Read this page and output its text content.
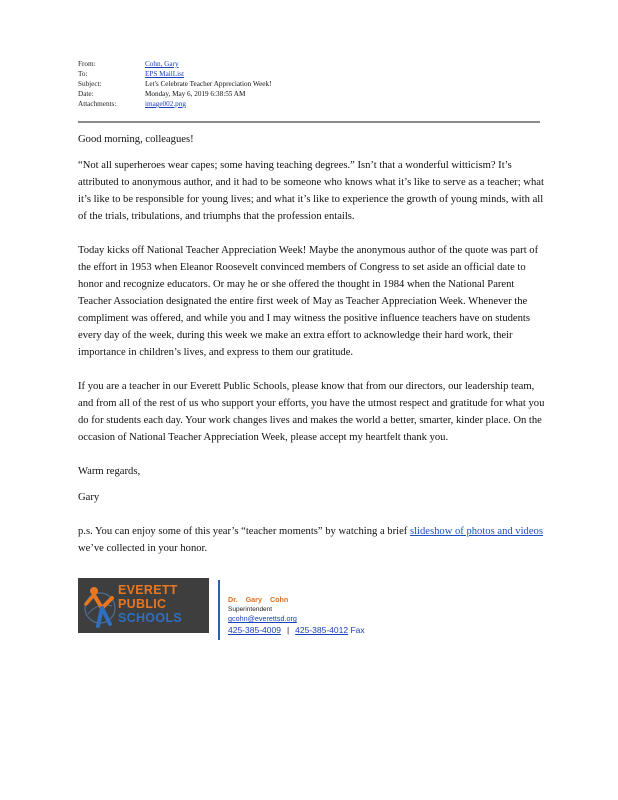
From:	Cohn, Gary
To:	EPS MailList
Subject:	Let's Celebrate Teacher Appreciation Week!
Date:	Monday, May 6, 2019 6:38:55 AM
Attachments:	image002.png

Good morning, colleagues!

“Not all superheroes wear capes; some having teaching degrees.” Isn’t that a wonderful witticism? It’s attributed to anonymous author, and it had to be someone who knows what it’s like to serve as a teacher; what it’s like to be responsible for young lives; and what it’s like to experience the growth of young minds, with all of the trials, tribulations, and triumphs that the profession entails.

Today kicks off National Teacher Appreciation Week! Maybe the anonymous author of the quote was part of the effort in 1953 when Eleanor Roosevelt convinced members of Congress to set aside an official date to honor and recognize educators. Or may he or she offered the thought in 1984 when the National Parent Teacher Association designated the entire first week of May as Teacher Appreciation Week. Whenever the compliment was offered, and while you and I may witness the positive influence teachers have on students every day of the week, during this week we make an extra effort to acknowledge their hard work, their importance in children’s lives, and express to them our gratitude.

If you are a teacher in our Everett Public Schools, please know that from our directors, our leadership team, and from all of the rest of us who support your efforts, you have the utmost respect and gratitude for what you do for students each day. Your work changes lives and makes the world a better, smarter, kinder place. On the occasion of National Teacher Appreciation Week, please accept my heartfelt thank you.

Warm regards,

Gary

p.s. You can enjoy some of this year’s “teacher moments” by watching a brief slideshow of photos and videos we’ve collected in your honor.

EVERETT
PUBLIC
SCHOOLS
Dr. Gary Cohn
Superintendent
gcohn@everettsd.org
425-385-4009 | 425-385-4012 Fax
